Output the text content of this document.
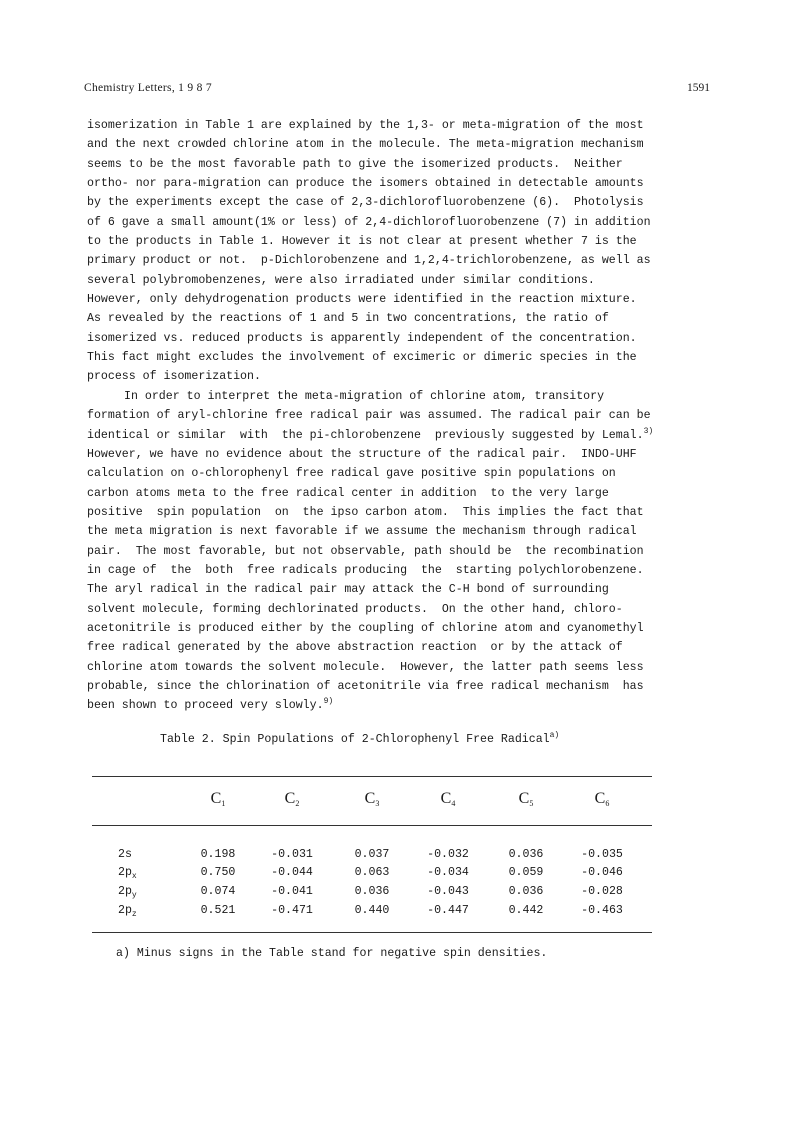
Chemistry Letters, 1 9 8 7	1591
isomerization in Table 1 are explained by the 1,3- or meta-migration of the most
and the next crowded chlorine atom in the molecule. The meta-migration mechanism
seems to be the most favorable path to give the isomerized products.  Neither
ortho- nor para-migration can produce the isomers obtained in detectable amounts
by the experiments except the case of 2,3-dichlorofluorobenzene (6).  Photolysis
of 6 gave a small amount(1% or less) of 2,4-dichlorofluorobenzene (7) in addition
to the products in Table 1. However it is not clear at present whether 7 is the
primary product or not.  p-Dichlorobenzene and 1,2,4-trichlorobenzene, as well as
several polybromobenzenes, were also irradiated under similar conditions.
However, only dehydrogenation products were identified in the reaction mixture.
As revealed by the reactions of 1 and 5 in two concentrations, the ratio of
isomerized vs. reduced products is apparently independent of the concentration.
This fact might excludes the involvement of excimeric or dimeric species in the
process of isomerization.
In order to interpret the meta-migration of chlorine atom, transitory
formation of aryl-chlorine free radical pair was assumed. The radical pair can be
identical or similar  with  the pi-chlorobenzene  previously suggested by Lemal.$^{3)}$
However, we have no evidence about the structure of the radical pair.  INDO-UHF
calculation on o-chlorophenyl free radical gave positive spin populations on
carbon atoms meta to the free radical center in addition  to the very large
positive  spin population  on  the ipso carbon atom.  This implies the fact that
the meta migration is next favorable if we assume the mechanism through radical
pair.  The most favorable, but not observable, path should be  the recombination
in cage of  the  both  free radicals producing  the  starting polychlorobenzene.
The aryl radical in the radical pair may attack the C-H bond of surrounding
solvent molecule, forming dechlorinated products.  On the other hand, chloro-
acetonitrile is produced either by the coupling of chlorine atom and cyanomethyl
free radical generated by the above abstraction reaction  or by the attack of
chlorine atom towards the solvent molecule.  However, the latter path seems less
probable, since the chlorination of acetonitrile via free radical mechanism  has
been shown to proceed very slowly.$^{9)}$
Table 2. Spin Populations of 2-Chlorophenyl Free Radical$^{a)}$
$C_1$	$C_2$	$C_3$	$C_4$	$C_5$	$C_6$
2s	0.198	-0.031	0.037	-0.032	0.036	-0.035
$2p_x$	0.750	-0.044	0.063	-0.034	0.059	-0.046
$2p_y$	0.074	-0.041	0.036	-0.043	0.036	-0.028
$2p_z$	0.521	-0.471	0.440	-0.447	0.442	-0.463
a) Minus signs in the Table stand for negative spin densities.
